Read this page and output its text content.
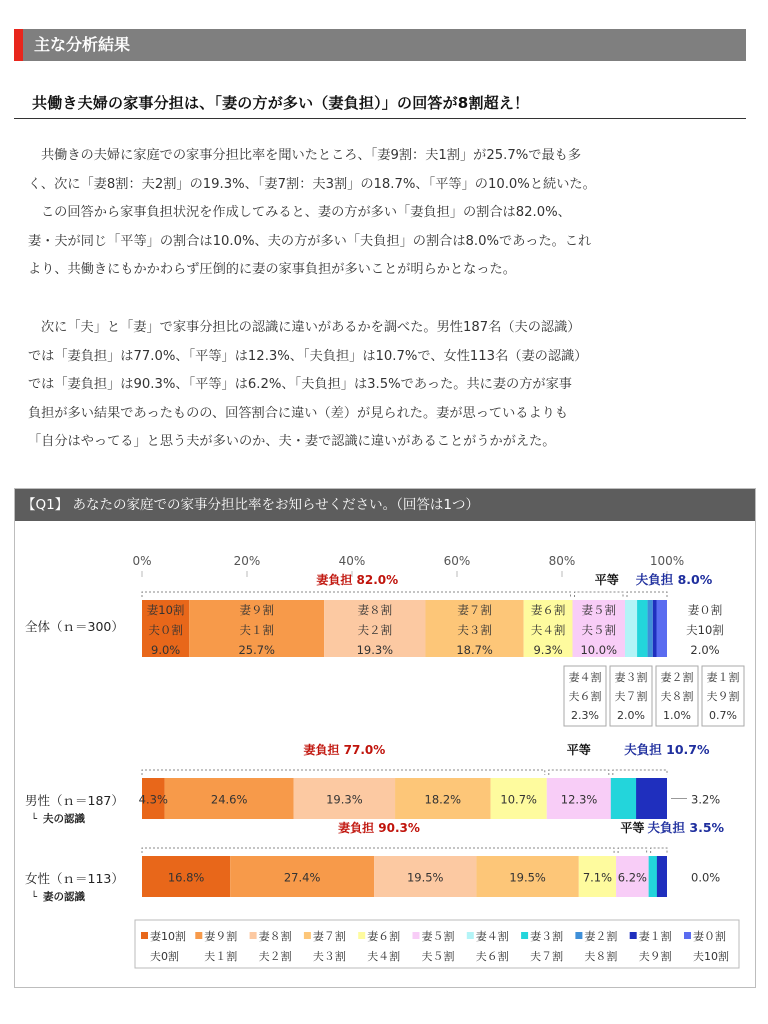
主な分析結果
共働き夫婦の家事分担は、「妻の方が多い（妻負担）」の回答が8割超え！

共働きの夫婦に家庭での家事分担比率を聞いたところ、「妻9割：夫1割」が25.7%で最も多

く、次に「妻8割：夫2割」の19.3%、「妻7割：夫3割」の18.7%、「平等」の10.0%と続いた。

この回答から家事負担状況を作成してみると、妻の方が多い「妻負担」の割合は82.0%、

妻・夫が同じ「平等」の割合は10.0%、夫の方が多い「夫負担」の割合は8.0%であった。これ

より、共働きにもかかわらず圧倒的に妻の家事負担が多いことが明らかとなった。

次に「夫」と「妻」で家事分担比の認識に違いがあるかを調べた。男性187名（夫の認識）

では「妻負担」は77.0%、「平等」は12.3%、「夫負担」は10.7%で、女性113名（妻の認識）

では「妻負担」は90.3%、「平等」は6.2%、「夫負担」は3.5%であった。共に妻の方が家事

負担が多い結果であったものの、回答割合に違い（差）が見られた。妻が思っているよりも

「自分はやってる」と思う夫が多いのか、夫・妻で認識に違いがあることがうかがえた。

【Q1】 あなたの家庭での家事分担比率をお知らせください。（回答は1つ）
0%	20%	40%	60%	80%	100%
全体（ｎ＝300）
男性（ｎ＝187）
└ 夫の認識
女性（ｎ＝113）
└ 妻の認識
妻10割
夫０割
9.0%
妻９割
夫１割
25.7%
妻８割
夫２割
19.3%
妻７割
夫３割
18.7%
妻６割
夫４割
9.3%
妻５割
夫５割
10.0%
妻０割
夫10割
2.0%
妻４割
夫６割
2.3%
妻３割
夫７割
2.0%
妻２割
夫８割
1.0%
妻１割
夫９割
0.7%
妻負担 82.0%	平等 夫負担 8.0%
妻負担 77.0%	平等	夫負担 10.7%
妻負担 90.3%	平等 夫負担 3.5%
4.3%	24.6%	19.3%	18.2%	10.7% 12.3%	3.2%
16.8%	27.4%	19.5%	19.5%	7.1% 6.2%	0.0%
妻10割
夫0割
妻９割
夫１割
妻８割
夫２割
妻７割
夫３割
妻６割
夫４割
妻５割
夫５割
妻４割
夫６割
妻３割
夫７割
妻２割
夫８割
妻１割
夫９割
妻０割
夫10割
